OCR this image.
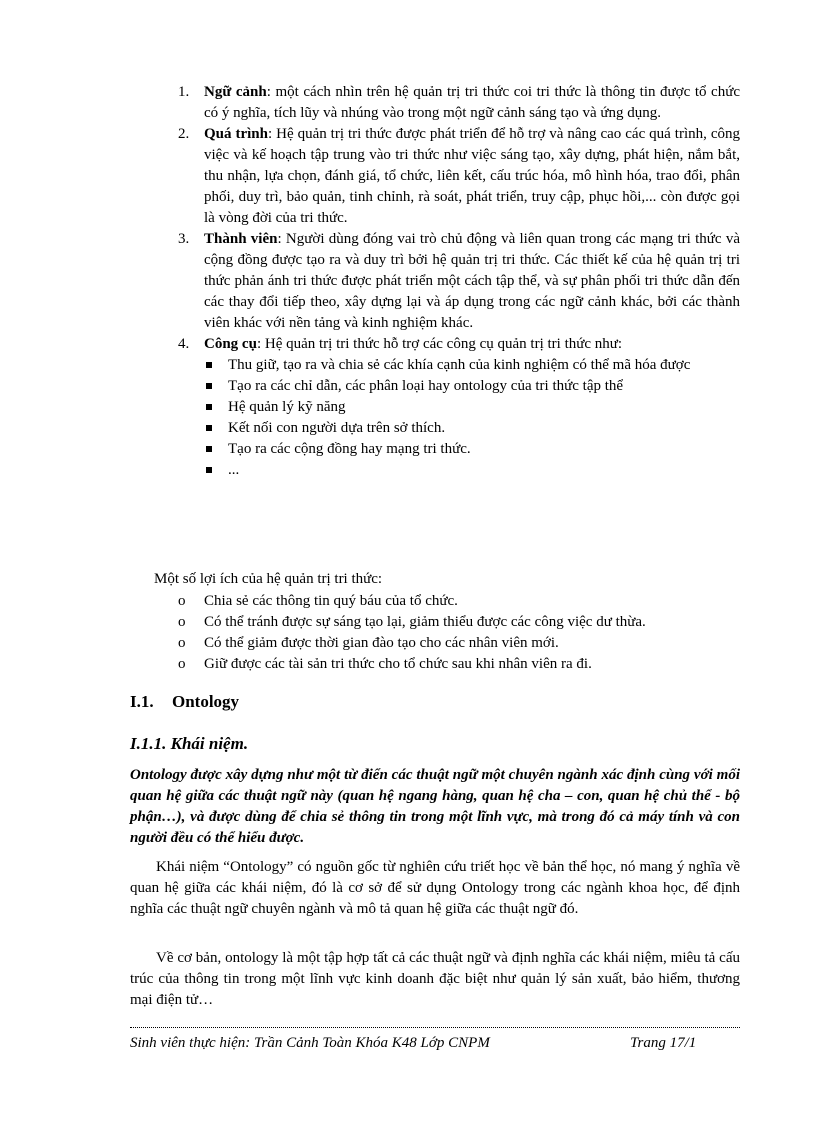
1. Ngữ cảnh: một cách nhìn trên hệ quản trị tri thức coi tri thức là thông tin được tổ chức có ý nghĩa, tích lũy và nhúng vào trong một ngữ cảnh sáng tạo và ứng dụng.
2. Quá trình: Hệ quản trị tri thức được phát triển để hỗ trợ và nâng cao các quá trình, công việc và kế hoạch tập trung vào tri thức như việc sáng tạo, xây dựng, phát hiện, nắm bắt, thu nhận, lựa chọn, đánh giá, tổ chức, liên kết, cấu trúc hóa, mô hình hóa, trao đổi, phân phối, duy trì, bảo quản, tinh chỉnh, rà soát, phát triển, truy cập, phục hồi,... còn được gọi là vòng đời của tri thức.
3. Thành viên: Người dùng đóng vai trò chủ động và liên quan trong các mạng tri thức và cộng đồng được tạo ra và duy trì bởi hệ quản trị tri thức. Các thiết kế của hệ quản trị tri thức phản ánh tri thức được phát triển một cách tập thể, và sự phân phối tri thức dẫn đến các thay đổi tiếp theo, xây dựng lại và áp dụng trong các ngữ cảnh khác, bởi các thành viên khác với nền tảng và kinh nghiệm khác.
4. Công cụ: Hệ quản trị tri thức hỗ trợ các công cụ quản trị tri thức như:
Thu giữ, tạo ra và chia sẻ các khía cạnh của kinh nghiệm có thể mã hóa được
Tạo ra các chỉ dẫn, các phân loại hay ontology của tri thức tập thể
Hệ quản lý kỹ năng
Kết nối con người dựa trên sở thích.
Tạo ra các cộng đồng hay mạng tri thức.
...
Một số lợi ích của hệ quản trị tri thức:
o Chia sẻ các thông tin quý báu của tổ chức.
o Có thể tránh được sự sáng tạo lại, giảm thiểu được các công việc dư thừa.
o Có thể giảm được thời gian đào tạo cho các nhân viên mới.
o Giữ được các tài sản tri thức cho tổ chức sau khi nhân viên ra đi.
I.1. Ontology
I.1.1. Khái niệm.
Ontology được xây dựng như một từ điển các thuật ngữ một chuyên ngành xác định cùng với mối quan hệ giữa các thuật ngữ này (quan hệ ngang hàng, quan hệ cha – con, quan hệ chủ thể - bộ phận…), và được dùng để chia sẻ thông tin trong một lĩnh vực, mà trong đó cả máy tính và con người đều có thể hiểu được.
Khái niệm “Ontology” có nguồn gốc từ nghiên cứu triết học về bản thể học, nó mang ý nghĩa về quan hệ giữa các khái niệm, đó là cơ sở để sử dụng Ontology trong các ngành khoa học, để định nghĩa các thuật ngữ chuyên ngành và mô tả quan hệ giữa các thuật ngữ đó.
Về cơ bản, ontology là một tập hợp tất cả các thuật ngữ và định nghĩa các khái niệm, miêu tả cấu trúc của thông tin trong một lĩnh vực kinh doanh đặc biệt như quản lý sản xuất, bảo hiểm, thương mại điện tử…
Sinh viên thực hiện: Trần Cảnh Toàn Khóa K48 Lớp CNPM	Trang 17/1
